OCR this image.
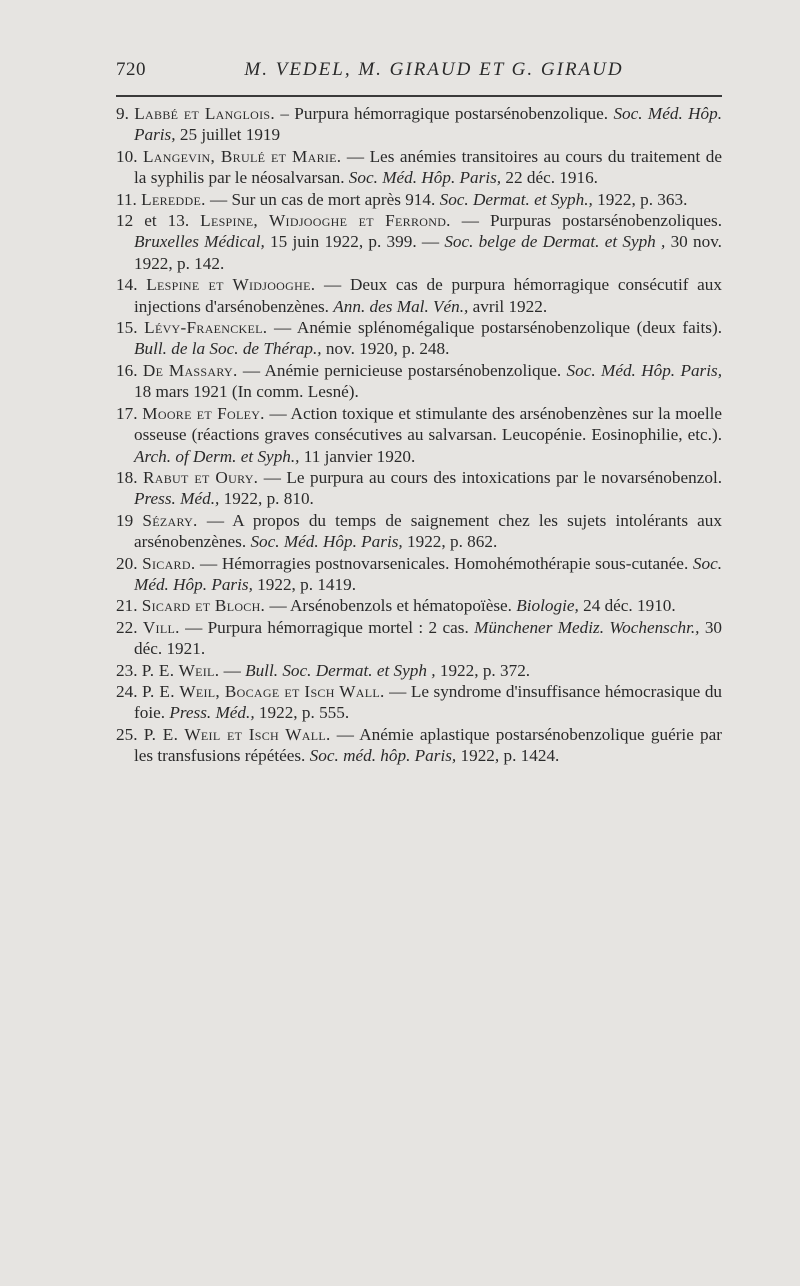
720	M. VEDEL, M. GIRAUD ET G. GIRAUD

9. Labbé et Langlois. – Purpura hémorragique postarsénobenzolique. Soc. Méd. Hôp. Paris, 25 juillet 1919

10. Langevin, Brulé et Marie. — Les anémies transitoires au cours du traitement de la syphilis par le néosalvarsan. Soc. Méd. Hôp. Paris, 22 déc. 1916.

11. Leredde. — Sur un cas de mort après 914. Soc. Dermat. et Syph., 1922, p. 363.

12 et 13. Lespine, Widjooghe et Ferrond. — Purpuras postarsénobenzoliques. Bruxelles Médical, 15 juin 1922, p. 399. — Soc. belge de Dermat. et Syph , 30 nov. 1922, p. 142.

14. Lespine et Widjooghe. — Deux cas de purpura hémorragique consécutif aux injections d'arsénobenzènes. Ann. des Mal. Vén., avril 1922.

15. Lévy-Fraenckel. — Anémie splénomégalique postarsénobenzolique (deux faits). Bull. de la Soc. de Thérap., nov. 1920, p. 248.

16. De Massary. — Anémie pernicieuse postarsénobenzolique. Soc. Méd. Hôp. Paris, 18 mars 1921 (In comm. Lesné).

17. Moore et Foley. — Action toxique et stimulante des arsénobenzènes sur la moelle osseuse (réactions graves consécutives au salvarsan. Leucopénie. Eosinophilie, etc.). Arch. of Derm. et Syph., 11 janvier 1920.

18. Rabut et Oury. — Le purpura au cours des intoxications par le novarsénobenzol. Press. Méd., 1922, p. 810.

19 Sézary. — A propos du temps de saignement chez les sujets intolérants aux arsénobenzènes. Soc. Méd. Hôp. Paris, 1922, p. 862.

20. Sicard. — Hémorragies postnovarsenicales. Homohémothérapie sous-cutanée. Soc. Méd. Hôp. Paris, 1922, p. 1419.

21. Sicard et Bloch. — Arsénobenzols et hématopoïèse. Biologie, 24 déc. 1910.

22. Vill. — Purpura hémorragique mortel : 2 cas. Münchener Mediz. Wochenschr., 30 déc. 1921.

23. P. E. Weil. — Bull. Soc. Dermat. et Syph , 1922, p. 372.

24. P. E. Weil, Bocage et Isch Wall. — Le syndrome d'insuffisance hémocrasique du foie. Press. Méd., 1922, p. 555.

25. P. E. Weil et Isch Wall. — Anémie aplastique postarsénobenzolique guérie par les transfusions répétées. Soc. méd. hôp. Paris, 1922, p. 1424.
